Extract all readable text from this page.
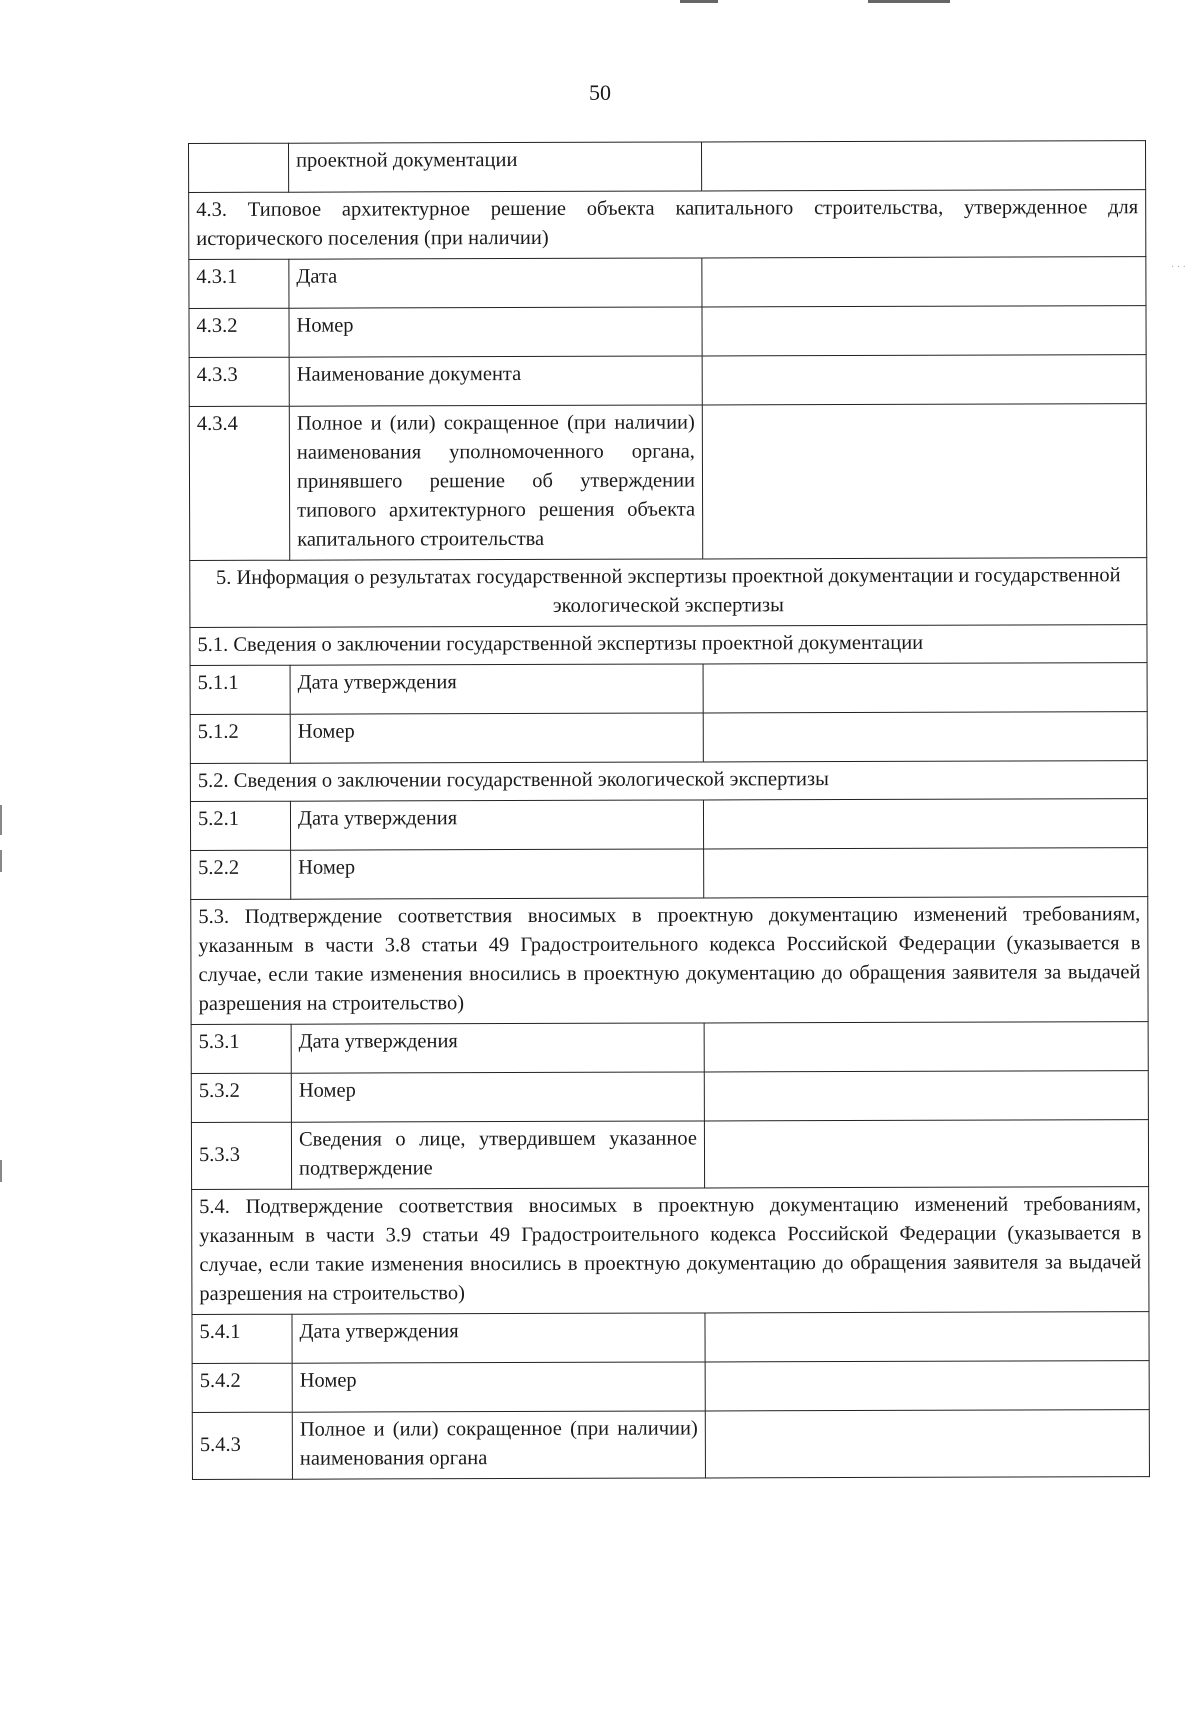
50
· · ·
	проектной документации	
4.3. Типовое архитектурное решение объекта капитального строительства, утвержденное для исторического поселения (при наличии)		
4.3.1	Дата	
4.3.2	Номер	
4.3.3	Наименование документа	
4.3.4	Полное и (или) сокращенное (при наличии) наименования уполномоченного органа, принявшего решение об утверждении типового архитектурного решения объекта капитального строительства	
5. Информация о результатах государственной экспертизы проектной документации и государственной экологической экспертизы		
5.1. Сведения о заключении государственной экспертизы проектной документации		
5.1.1	Дата утверждения	
5.1.2	Номер	
5.2. Сведения о заключении государственной экологической экспертизы		
5.2.1	Дата утверждения	
5.2.2	Номер	
5.3. Подтверждение соответствия вносимых в проектную документацию изменений требованиям, указанным в части 3.8 статьи 49 Градостроительного кодекса Российской Федерации (указывается в случае, если такие изменения вносились в проектную документацию до обращения заявителя за выдачей разрешения на строительство)		
5.3.1	Дата утверждения	
5.3.2	Номер	
5.3.3	Сведения о лице, утвердившем указанное подтверждение	
5.4. Подтверждение соответствия вносимых в проектную документацию изменений требованиям, указанным в части 3.9 статьи 49 Градостроительного кодекса Российской Федерации (указывается в случае, если такие изменения вносились в проектную документацию до обращения заявителя за выдачей разрешения на строительство)		
5.4.1	Дата утверждения	
5.4.2	Номер	
5.4.3	Полное и (или) сокращенное (при наличии) наименования органа	
